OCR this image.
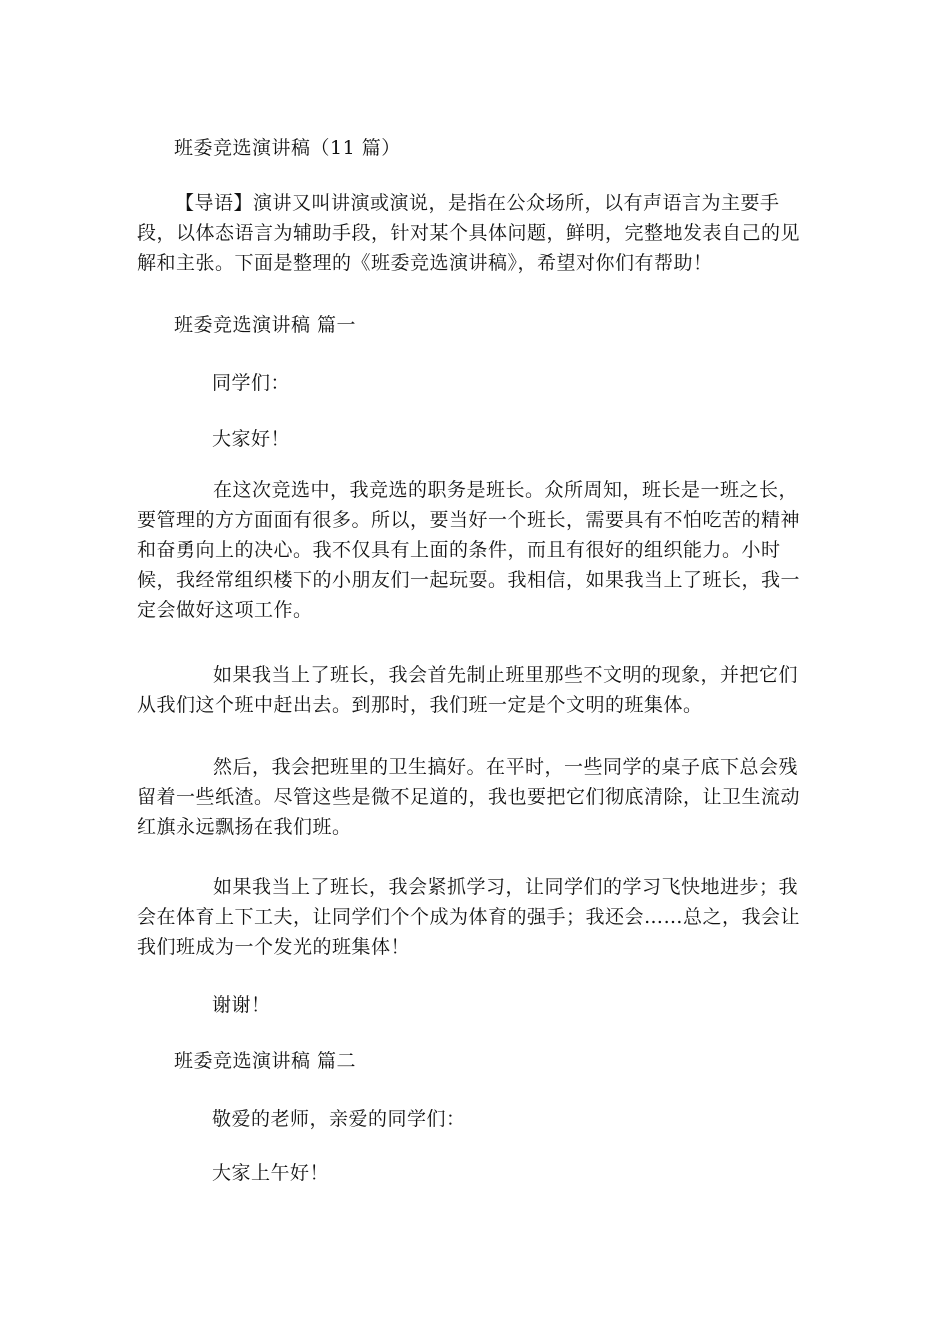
班委竞选演讲稿（11 篇）

【导语】演讲又叫讲演或演说，是指在公众场所，以有声语言为主要手段，以体态语言为辅助手段，针对某个具体问题，鲜明，完整地发表自己的见解和主张。下面是整理的《班委竞选演讲稿》，希望对你们有帮助！

班委竞选演讲稿 篇一

同学们：

大家好！

在这次竞选中，我竞选的职务是班长。众所周知，班长是一班之长，要管理的方方面面有很多。所以，要当好一个班长，需要具有不怕吃苦的精神和奋勇向上的决心。我不仅具有上面的条件，而且有很好的组织能力。小时候，我经常组织楼下的小朋友们一起玩耍。我相信，如果我当上了班长，我一定会做好这项工作。

如果我当上了班长，我会首先制止班里那些不文明的现象，并把它们从我们这个班中赶出去。到那时，我们班一定是个文明的班集体。

然后，我会把班里的卫生搞好。在平时，一些同学的桌子底下总会残留着一些纸渣。尽管这些是微不足道的，我也要把它们彻底清除，让卫生流动红旗永远飘扬在我们班。

如果我当上了班长，我会紧抓学习，让同学们的学习飞快地进步；我会在体育上下工夫，让同学们个个成为体育的强手；我还会……总之，我会让我们班成为一个发光的班集体！

谢谢！

班委竞选演讲稿 篇二

敬爱的老师，亲爱的同学们：

大家上午好！
